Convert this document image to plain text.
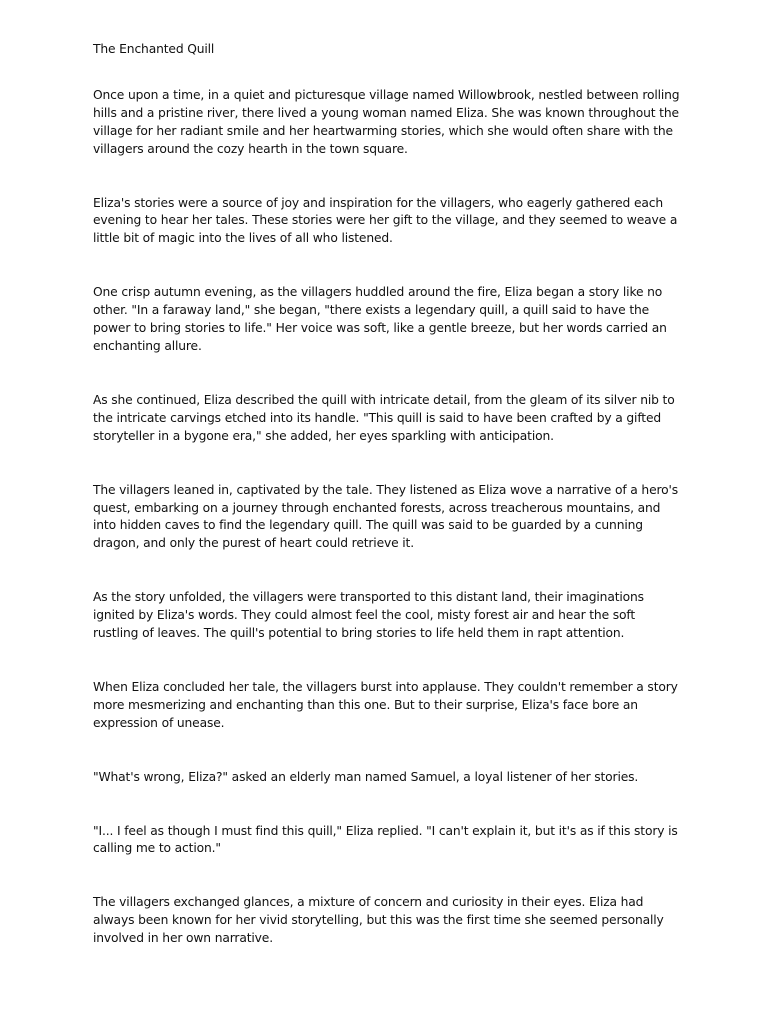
The Enchanted Quill

Once upon a time, in a quiet and picturesque village named Willowbrook, nestled between rolling hills and a pristine river, there lived a young woman named Eliza. She was known throughout the village for her radiant smile and her heartwarming stories, which she would often share with the villagers around the cozy hearth in the town square.

Eliza's stories were a source of joy and inspiration for the villagers, who eagerly gathered each evening to hear her tales. These stories were her gift to the village, and they seemed to weave a little bit of magic into the lives of all who listened.

One crisp autumn evening, as the villagers huddled around the fire, Eliza began a story like no other. "In a faraway land," she began, "there exists a legendary quill, a quill said to have the power to bring stories to life." Her voice was soft, like a gentle breeze, but her words carried an enchanting allure.

As she continued, Eliza described the quill with intricate detail, from the gleam of its silver nib to the intricate carvings etched into its handle. "This quill is said to have been crafted by a gifted storyteller in a bygone era," she added, her eyes sparkling with anticipation.

The villagers leaned in, captivated by the tale. They listened as Eliza wove a narrative of a hero's quest, embarking on a journey through enchanted forests, across treacherous mountains, and into hidden caves to find the legendary quill. The quill was said to be guarded by a cunning dragon, and only the purest of heart could retrieve it.

As the story unfolded, the villagers were transported to this distant land, their imaginations ignited by Eliza's words. They could almost feel the cool, misty forest air and hear the soft rustling of leaves. The quill's potential to bring stories to life held them in rapt attention.

When Eliza concluded her tale, the villagers burst into applause. They couldn't remember a story more mesmerizing and enchanting than this one. But to their surprise, Eliza's face bore an expression of unease.

"What's wrong, Eliza?" asked an elderly man named Samuel, a loyal listener of her stories.

"I... I feel as though I must find this quill," Eliza replied. "I can't explain it, but it's as if this story is calling me to action."

The villagers exchanged glances, a mixture of concern and curiosity in their eyes. Eliza had always been known for her vivid storytelling, but this was the first time she seemed personally involved in her own narrative.
